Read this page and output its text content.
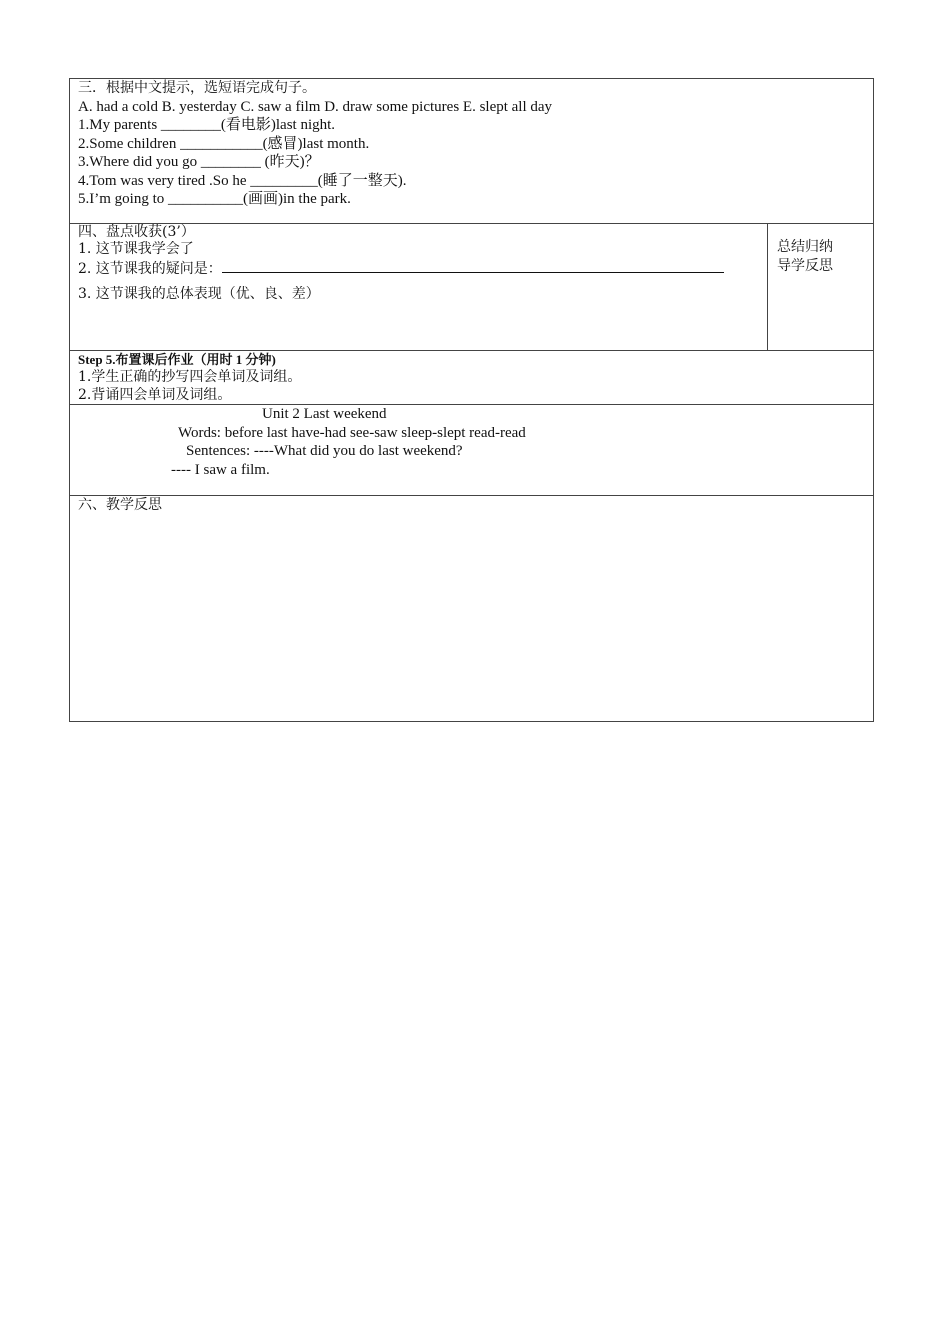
三．根据中文提示，选短语完成句子。
A. had a cold B. yesterday C. saw a film D. draw some pictures E. slept all day
1.My parents ________(看电影)last night.
2.Some children ___________(感冒)last month.
3.Where did you go ________ (昨天)？
4.Tom was very tired .So he _________(睡了一整天).
5.I’m going to __________(画画)in the park.

四、盘点收获(3’）
1. 这节课我学会了
2. 这节课我的疑问是：
3. 这节课我的总体表现（优、良、差）

总结归纳
导学反思

Step 5.布置课后作业（用时 1 分钟)
1.学生正确的抄写四会单词及词组。
2.背诵四会单词及词组。

Unit 2 Last weekend
Words: before last have-had see-saw sleep-slept read-read
Sentences: ----What did you do last weekend?
---- I saw a film.

六、教学反思
